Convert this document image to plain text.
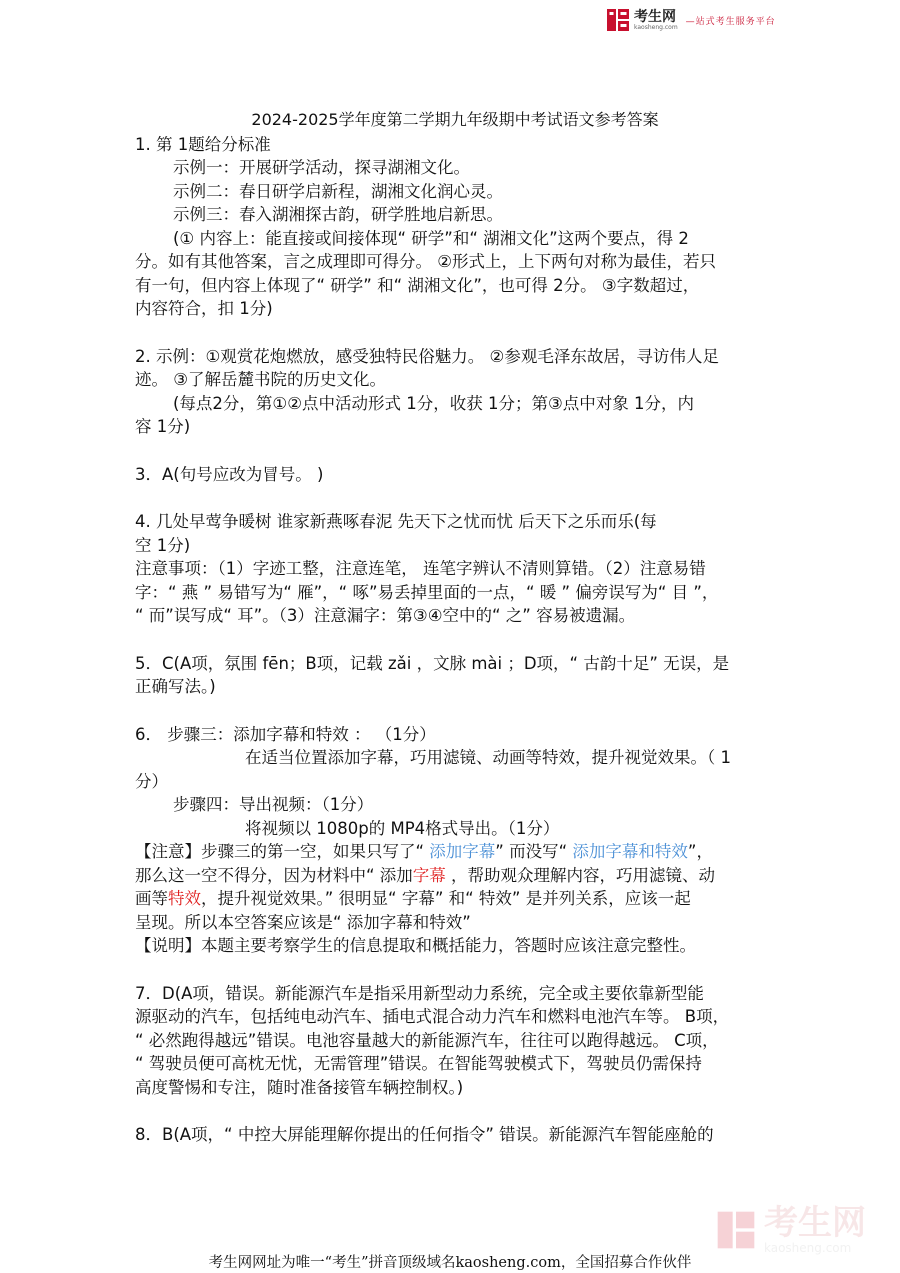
考生网
kaosheng.com
—站式考生服务平台

2024-2025学年度第二学期九年级期中考试语文参考答案

1. 第 1题给分标准

示例一：开展研学活动，探寻湖湘文化。

示例二：春日研学启新程，湖湘文化润心灵。

示例三：春入湖湘探古韵，研学胜地启新思。

(① 内容上：能直接或间接体现“ 研学”和“ 湖湘文化”这两个要点，得 2

分。如有其他答案，言之成理即可得分。 ②形式上，上下两句对称为最佳，若只

有一句，但内容上体现了“ 研学” 和“ 湖湘文化”，也可得 2分。 ③字数超过，

内容符合，扣 1分)

2. 示例：①观赏花炮燃放，感受独特民俗魅力。 ②参观毛泽东故居，寻访伟人足

迹。 ③了解岳麓书院的历史文化。

(每点2分，第①②点中活动形式 1分，收获 1分；第③点中对象 1分，内

容 1分)

3．A(句号应改为冒号。 )

4. 几处早莺争暖树 谁家新燕啄春泥 先天下之忧而忧 后天下之乐而乐(每

空 1分)

注意事项：（1）字迹工整，注意连笔， 连笔字辨认不清则算错。（2）注意易错

字：“ 燕 ” 易错写为“ 雁”，“ 啄”易丢掉里面的一点，“ 暖 ” 偏旁误写为“ 目 ”，

“ 而”误写成“ 耳”。（3）注意漏字：第③④空中的“ 之” 容易被遗漏。

5．C(A项，氛围 fēn；B项，记载 zǎi ，文脉 mài ；D项，“ 古韵十足” 无误，是

正确写法。)

6． 步骤三：添加字幕和特效 ： （1分）

在适当位置添加字幕，巧用滤镜、动画等特效，提升视觉效果。（ 1

分）

步骤四：导出视频：（1分）

将视频以 1080p的 MP4格式导出。（1分）

【注意】步骤三的第一空，如果只写了“ 添加字幕” 而没写“ 添加字幕和特效”，

那么这一空不得分，因为材料中“ 添加字幕 ，帮助观众理解内容，巧用滤镜、动

画等特效，提升视觉效果。” 很明显“ 字幕” 和“ 特效” 是并列关系，应该一起

呈现。所以本空答案应该是“ 添加字幕和特效”

【说明】本题主要考察学生的信息提取和概括能力，答题时应该注意完整性。

7．D(A项，错误。新能源汽车是指采用新型动力系统，完全或主要依靠新型能

源驱动的汽车，包括纯电动汽车、插电式混合动力汽车和燃料电池汽车等。 B项，

“ 必然跑得越远”错误。电池容量越大的新能源汽车，往往可以跑得越远。 C项，

“ 驾驶员便可高枕无忧，无需管理”错误。在智能驾驶模式下，驾驶员仍需保持

高度警惕和专注，随时准备接管车辆控制权。)

8．B(A项，“ 中控大屏能理解你提出的任何指令” 错误。新能源汽车智能座舱的

考生网
kaosheng.com
考生网网址为唯一“考生”拼音顶级域名kaosheng.com，全国招募合作伙伴
